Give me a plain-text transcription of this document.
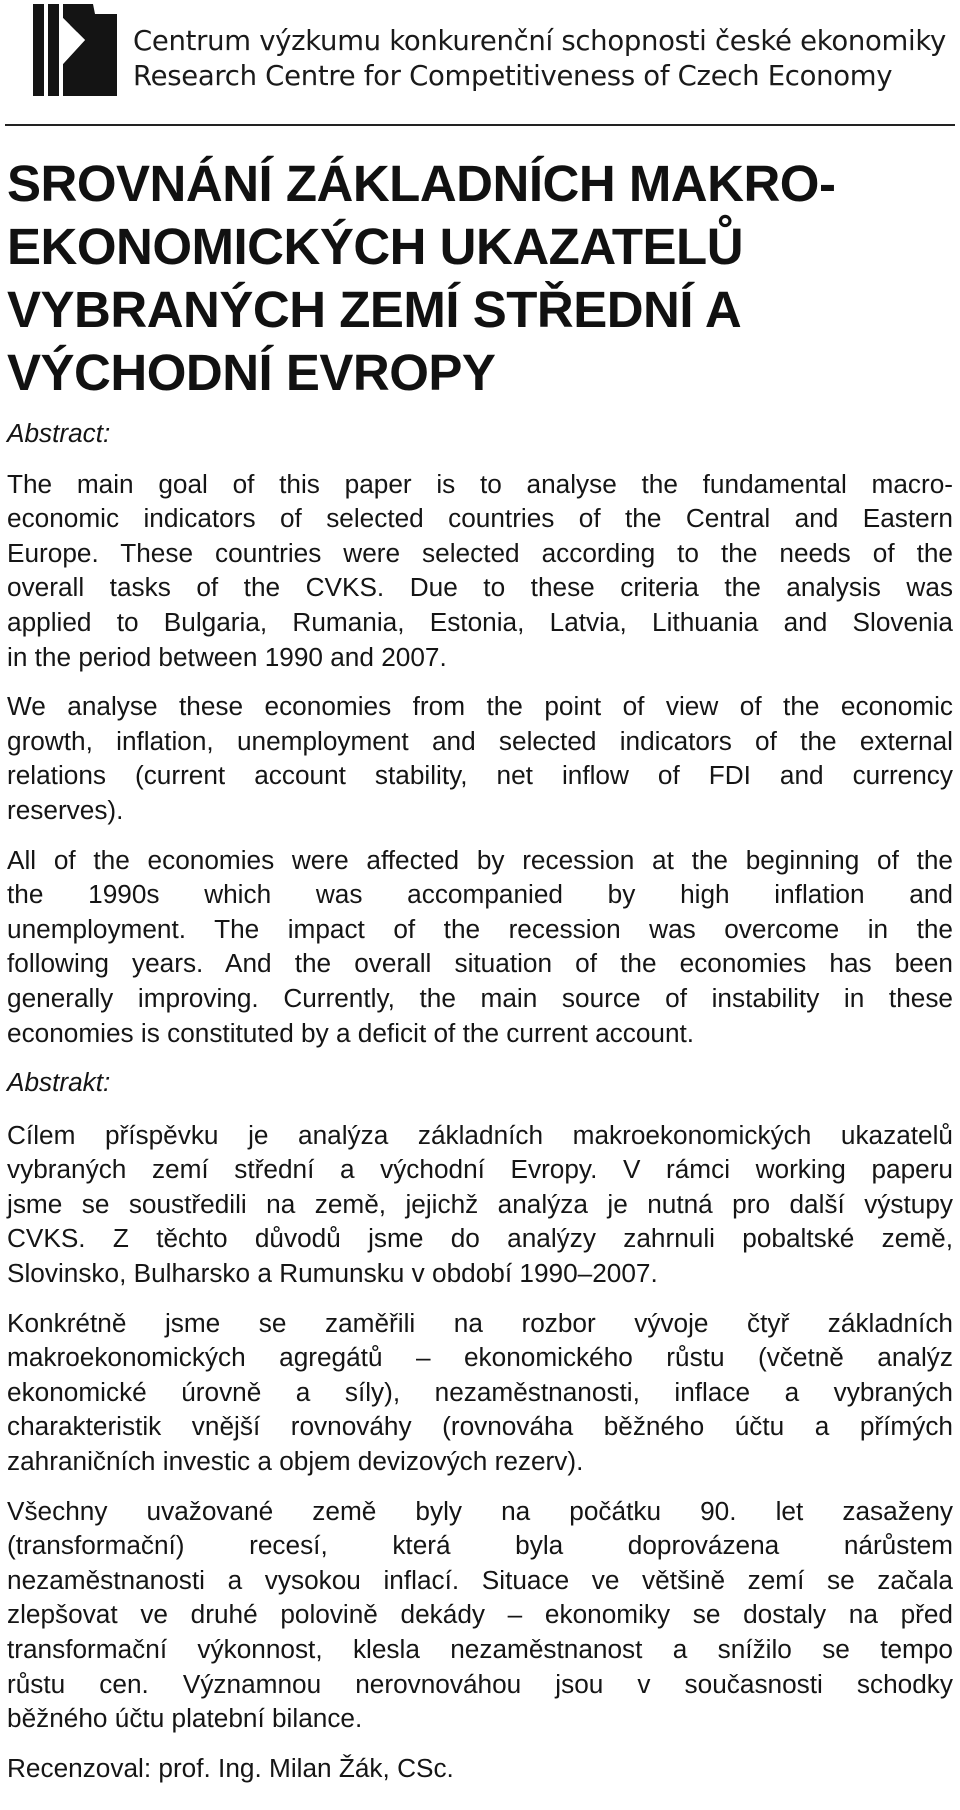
Centrum výzkumu konkurenční schopnosti české ekonomiky
Research Centre for Competitiveness of Czech Economy
SROVNÁNÍ ZÁKLADNÍCH MAKRO-
EKONOMICKÝCH UKAZATELŮ
VYBRANÝCH ZEMÍ STŘEDNÍ A
VÝCHODNÍ EVROPY
Abstract:
The main goal of this paper is to analyse the fundamental macro-
economic indicators of selected countries of the Central and Eastern
Europe. These countries were selected according to the needs of the
overall tasks of the CVKS. Due to these criteria the analysis was
applied to Bulgaria, Rumania, Estonia, Latvia, Lithuania and Slovenia
in the period between 1990 and 2007.
We analyse these economies from the point of view of the economic
growth, inflation, unemployment and selected indicators of the external
relations (current account stability, net inflow of FDI and currency
reserves).
All of the economies were affected by recession at the beginning of the
the 1990s which was accompanied by high inflation and
unemployment. The impact of the recession was overcome in the
following years. And the overall situation of the economies has been
generally improving. Currently, the main source of instability in these
economies is constituted by a deficit of the current account.
Abstrakt:
Cílem příspěvku je analýza základních makroekonomických ukazatelů
vybraných zemí střední a východní Evropy. V rámci working paperu
jsme se soustředili na země, jejichž analýza je nutná pro další výstupy
CVKS. Z těchto důvodů jsme do analýzy zahrnuli pobaltské země,
Slovinsko, Bulharsko a Rumunsku v období 1990–2007.
Konkrétně jsme se zaměřili na rozbor vývoje čtyř základních
makroekonomických agregátů – ekonomického růstu (včetně analýz
ekonomické úrovně a síly), nezaměstnanosti, inflace a vybraných
charakteristik vnější rovnováhy (rovnováha běžného účtu a přímých
zahraničních investic a objem devizových rezerv).
Všechny uvažované země byly na počátku 90. let zasaženy
(transformační) recesí, která byla doprovázena nárůstem
nezaměstnanosti a vysokou inflací. Situace ve většině zemí se začala
zlepšovat ve druhé polovině dekády – ekonomiky se dostaly na před
transformační výkonnost, klesla nezaměstnanost a snížilo se tempo
růstu cen. Významnou nerovnováhou jsou v současnosti schodky
běžného účtu platební bilance.

Recenzoval: prof. Ing. Milan Žák, CSc.
